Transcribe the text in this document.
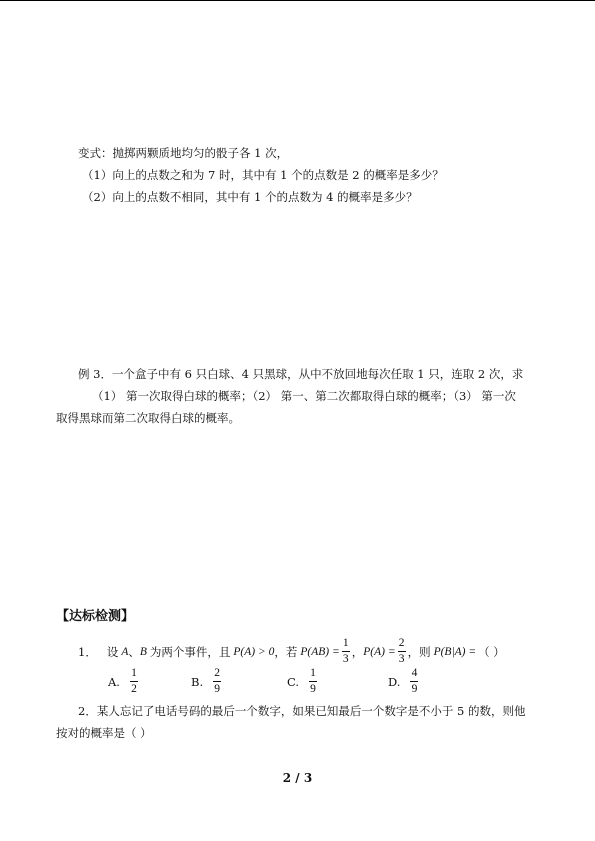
变式：抛掷两颗质地均匀的骰子各 1 次，
（1）向上的点数之和为 7 时，其中有 1 个的点数是 2 的概率是多少？
（2）向上的点数不相同，其中有 1 个的点数为 4 的概率是多少？
例 3．一个盒子中有 6 只白球、4 只黑球，从中不放回地每次任取 1 只，连取 2 次，求
（1） 第一次取得白球的概率；（2） 第一、第二次都取得白球的概率；（3） 第一次
取得黑球而第二次取得白球的概率。
【达标检测】
1． 设 A 、 B 为两个事件，且 P(A) > 0 ，若 $P(AB) = \frac{1}{3}$ ， $P(A) = \frac{2}{3}$ ，则 P(B|A) = （ ）
A. $\frac{1}{2}$	B. $\frac{2}{9}$	C. $\frac{1}{9}$	D. $\frac{4}{9}$
2．某人忘记了电话号码的最后一个数字，如果已知最后一个数字是不小于 5 的数，则他
按对的概率是（ ）
2 / 3
